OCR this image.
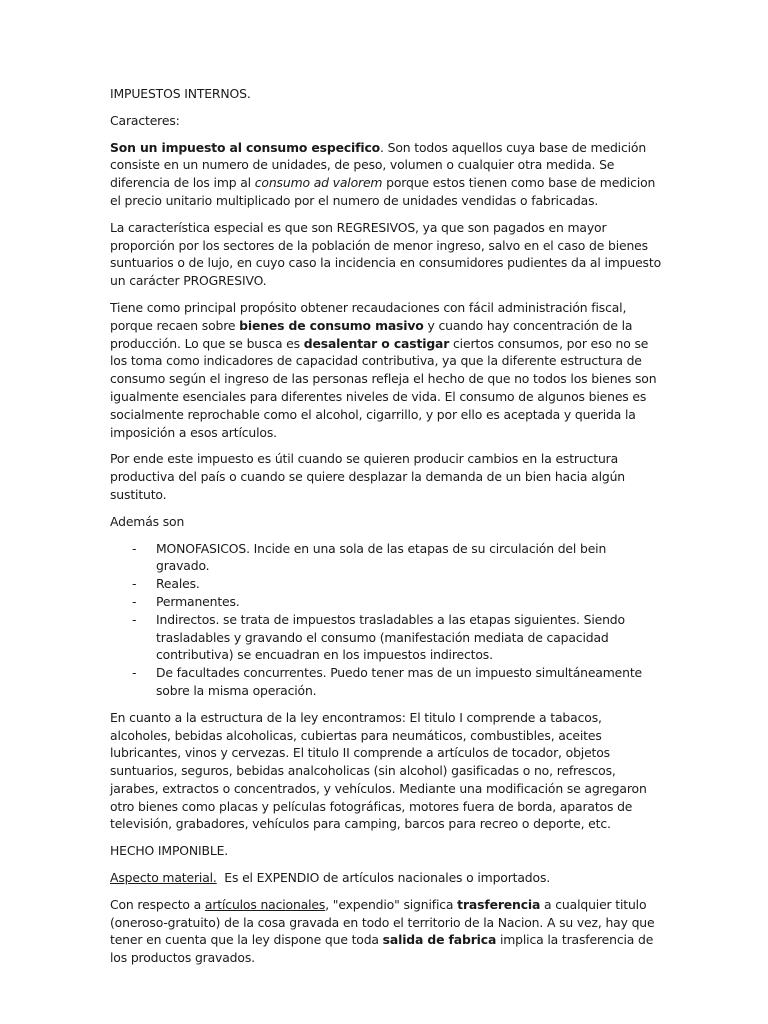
IMPUESTOS INTERNOS.

Caracteres:

Son un impuesto al consumo especifico. Son todos aquellos cuya base de medición consiste en un numero de unidades, de peso, volumen o cualquier otra medida. Se diferencia de los imp al consumo ad valorem porque estos tienen como base de medicion el precio unitario multiplicado por el numero de unidades vendidas o fabricadas.

La característica especial es que son REGRESIVOS, ya que son pagados en mayor proporción por los sectores de la población de menor ingreso, salvo en el caso de bienes suntuarios o de lujo, en cuyo caso la incidencia en consumidores pudientes da al impuesto un carácter PROGRESIVO.

Tiene como principal propósito obtener recaudaciones con fácil administración fiscal, porque recaen sobre bienes de consumo masivo y cuando hay concentración de la producción. Lo que se busca es desalentar o castigar ciertos consumos, por eso no se los toma como indicadores de capacidad contributiva, ya que la diferente estructura de consumo según el ingreso de las personas refleja el hecho de que no todos los bienes son igualmente esenciales para diferentes niveles de vida. El consumo de algunos bienes es socialmente reprochable como el alcohol, cigarrillo, y por ello es aceptada y querida la imposición a esos artículos.

Por ende este impuesto es útil cuando se quieren producir cambios en la estructura productiva del país o cuando se quiere desplazar la demanda de un bien hacia algún sustituto.

Además son

- MONOFASICOS. Incide en una sola de las etapas de su circulación del bein gravado.
- Reales.
- Permanentes.
- Indirectos. se trata de impuestos trasladables a las etapas siguientes. Siendo trasladables y gravando el consumo (manifestación mediata de capacidad contributiva) se encuadran en los impuestos indirectos.
- De facultades concurrentes. Puedo tener mas de un impuesto simultáneamente sobre la misma operación.

En cuanto a la estructura de la ley encontramos: El titulo I comprende a tabacos, alcoholes, bebidas alcoholicas, cubiertas para neumáticos, combustibles, aceites lubricantes, vinos y cervezas. El titulo II comprende a artículos de tocador, objetos suntuarios, seguros, bebidas analcoholicas (sin alcohol) gasificadas o no, refrescos, jarabes, extractos o concentrados, y vehículos. Mediante una modificación se agregaron otro bienes como placas y películas fotográficas, motores fuera de borda, aparatos de televisión, grabadores, vehículos para camping, barcos para recreo o deporte, etc.

HECHO IMPONIBLE.

Aspecto material.  Es el EXPENDIO de artículos nacionales o importados.

Con respecto a artículos nacionales, "expendio" significa trasferencia a cualquier titulo (oneroso-gratuito) de la cosa gravada en todo el territorio de la Nacion. A su vez, hay que tener en cuenta que la ley dispone que toda salida de fabrica implica la trasferencia de los productos gravados.
